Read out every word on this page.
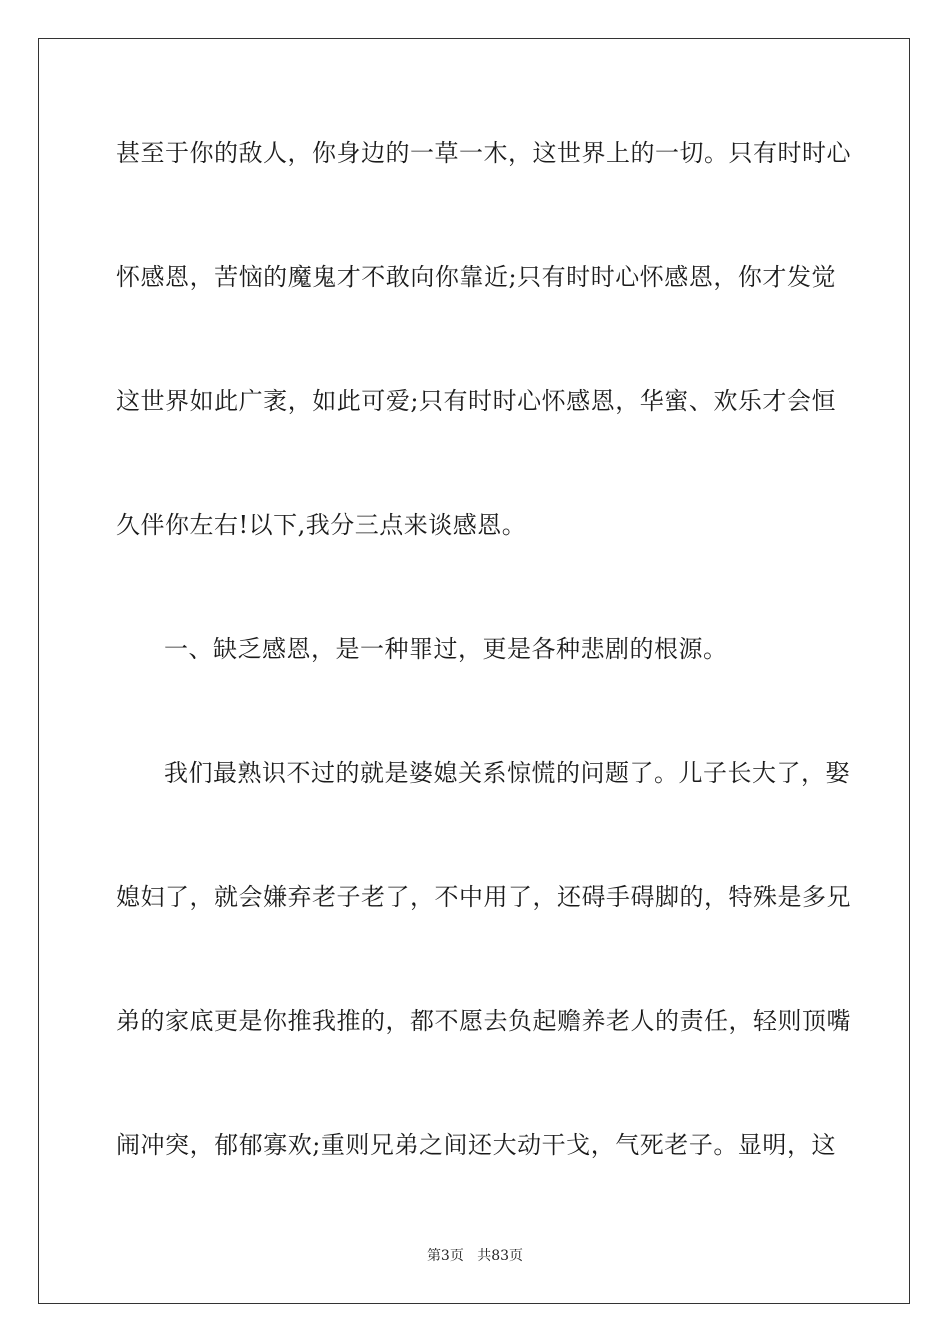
甚至于你的敌人，你身边的一草一木，这世界上的一切。只有时时心
怀感恩，苦恼的魔鬼才不敢向你靠近;只有时时心怀感恩，你才发觉
这世界如此广袤，如此可爱;只有时时心怀感恩，华蜜、欢乐才会恒
久伴你左右!以下,我分三点来谈感恩。
一、缺乏感恩，是一种罪过，更是各种悲剧的根源。
我们最熟识不过的就是婆媳关系惊慌的问题了。儿子长大了，娶
媳妇了，就会嫌弃老子老了，不中用了，还碍手碍脚的，特殊是多兄
弟的家底更是你推我推的，都不愿去负起赡养老人的责任，轻则顶嘴
闹冲突，郁郁寡欢;重则兄弟之间还大动干戈，气死老子。显明，这
第3页 共83页
